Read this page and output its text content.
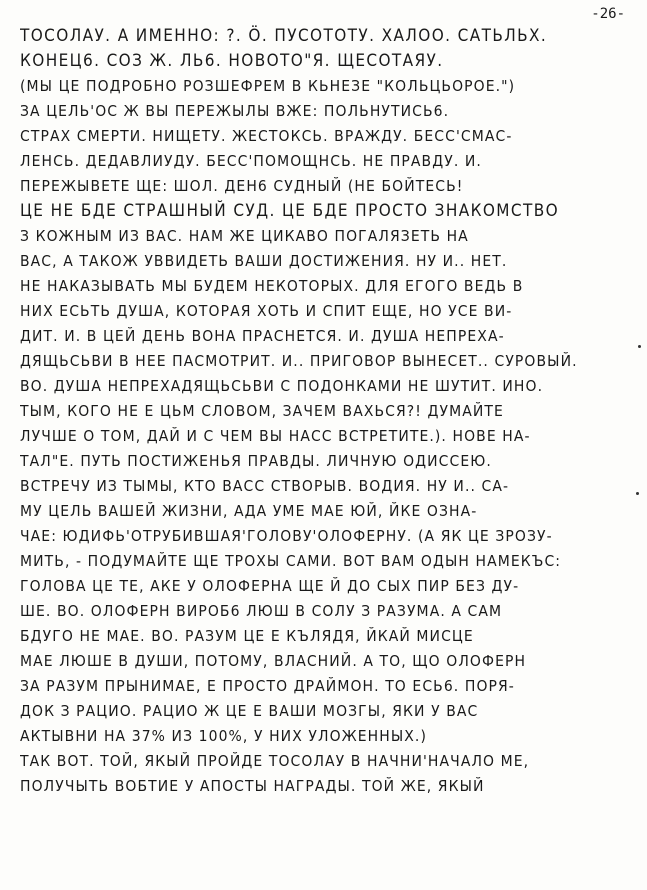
-26-
ТОСОЛАУ. А ИМЕННО: ?. Ӧ. ПУСОТОТУ. ХАЛОО. САТЬЛЬХ.
КОНЕЦ6. СОЗ Ж. ЛЬ6. НОВОТО"Я. ЩЕСОТАЯУ.
(МЫ ЦЕ ПОДРОБНО РОЗШЕФРЕМ В КЬНЕЗЕ "КОЛЬЦЬОРОЕ.")
ЗА ЦЕЛЬ'ОС Ж ВЫ ПЕРЕЖЫЛЫ ВЖЕ: ПОЛЬНУТИСЬ6.
СТРАХ СМЕРТИ. НИЩЕТУ. ЖЕСТОКСЬ. ВРАЖДУ. БЕСС'СМАС-
ЛЕНСЬ. ДЕДАВЛИУДУ. БЕСС'ПОМОЩНСЬ. НЕ ПРАВДУ. И.
ПЕРЕЖЫВЕТЕ ЩЕ: ШОЛ. ДЕН6 СУДНЫЙ (НЕ БОЙТЕСЬ!
ЦЕ НЕ БДЕ СТРАШНЫЙ СУД. ЦЕ БДЕ ПРОСТО ЗНАКОМСТВО
З КОЖНЫМ ИЗ ВАС. НАМ ЖЕ ЦИКАВО ПОГАЛЯЗЕТЬ НА
ВАС, А ТАКОЖ УВВИДЕТЬ ВАШИ ДОСТИЖЕНИЯ. НУ И.. НЕТ.
НЕ НАКАЗЫВАТЬ МЫ БУДЕМ НЕКОТОРЫХ. ДЛЯ ЕГОГО ВЕДЬ В
НИХ ЕСЬТЬ ДУША, КОТОРАЯ ХОТЬ И СПИТ ЕЩЕ, НО УСЕ ВИ-
ДИТ. И. В ЦЕЙ ДЕНЬ ВОНА ПРАСНЕТСЯ. И. ДУША НЕПРЕХА-
ДЯЩЬСЬВИ В НЕЕ ПАСМОТРИТ. И.. ПРИГОВОР ВЫНЕСЕТ.. СУРОВЫЙ.
ВО. ДУША НЕПРЕХАДЯЩЬСЬВИ С ПОДОНКАМИ НЕ ШУТИТ. ИНО.
ТЫМ, КОГО НЕ Е ЦЬМ СЛОВОМ, ЗАЧЕМ ВАХЬСЯ?! ДУМАЙТЕ
ЛУЧШЕ О ТОМ, ДАЙ И С ЧЕМ ВЫ НАСС ВСТРЕТИТЕ.). НОВЕ НА-
ТАЛ"Е. ПУТЬ ПОСТИЖЕНЬЯ ПРАВДЫ. ЛИЧНУЮ ОДИССЕЮ.
ВСТРЕЧУ ИЗ ТЫМЫ, КТО ВАСС СТВОРЫВ. ВОДИЯ. НУ И.. СА-
МУ ЦЕЛЬ ВАШЕЙ ЖИЗНИ, АДА УМЕ МАЕ ЮЙ, ЙКЕ ОЗНА-
ЧАЕ: ЮДИФЬ'ОТРУБИВШАЯ'ГОЛОВУ'ОЛОФЕРНУ. (А ЯК ЦЕ ЗРОЗУ-
МИТЬ, - ПОДУМАЙТЕ ЩЕ ТРОХЫ САМИ. ВОТ ВАМ ОДЫН НАМЕКЪС:
ГОЛОВА ЦЕ ТЕ, АКЕ У ОЛОФЕРНА ЩЕ Й ДО СЫХ ПИР БЕЗ ДУ-
ШЕ. ВО. ОЛОФЕРН ВИРОБ6 ЛЮШ В СОЛУ З РАЗУМА. А САМ
БДУГО НЕ МАЕ. ВО. РАЗУМ ЦЕ Е КЪЛЯДЯ, ЙКАЙ МИСЦЕ
МАЕ ЛЮШЕ В ДУШИ, ПОТОМУ, ВЛАСНИЙ. А ТО, ЩО ОЛОФЕРН
ЗА РАЗУМ ПРЫНИМАЕ, Е ПРОСТО ДРАЙМОН. ТО ЕСЬ6. ПОРЯ-
ДОК З РАЦИО. РАЦИО Ж ЦЕ Е ВАШИ МОЗГЫ, ЯКИ У ВАС
АКТЫВНИ НА 37% ИЗ 100%, У НИХ УЛОЖЕННЫХ.)
ТАК ВОТ. ТОЙ, ЯКЫЙ ПРОЙДЕ ТОСОЛАУ В НАЧНИ'НАЧАЛО ME,
ПОЛУЧЫТЬ ВОБТИЕ У АПОСТЫ НАГРАДЫ. ТОЙ ЖЕ, ЯКЫЙ
